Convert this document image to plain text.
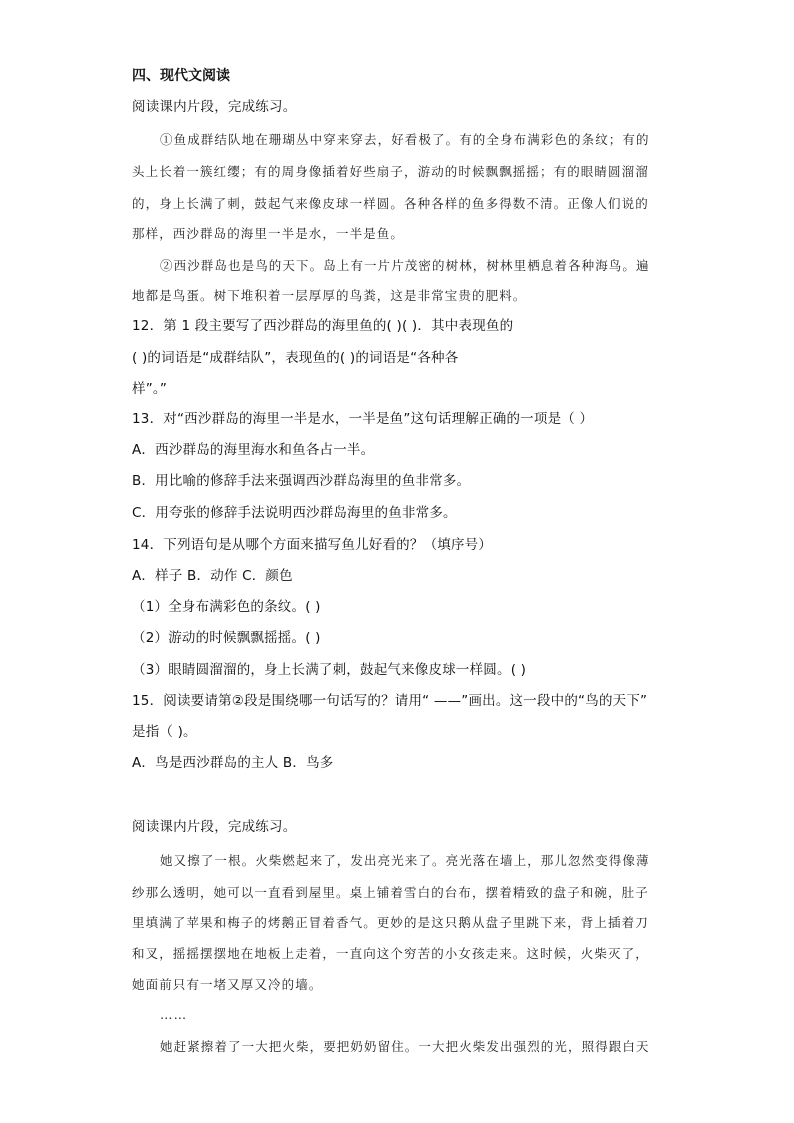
四、现代文阅读
阅读课内片段，完成练习。
①鱼成群结队地在珊瑚丛中穿来穿去，好看极了。有的全身布满彩色的条纹；有的
头上长着一簇红缨；有的周身像插着好些扇子，游动的时候飘飘摇摇；有的眼睛圆溜溜
的，身上长满了刺，鼓起气来像皮球一样圆。各种各样的鱼多得数不清。正像人们说的
那样，西沙群岛的海里一半是水，一半是鱼。
②西沙群岛也是鸟的天下。岛上有一片片茂密的树林，树林里栖息着各种海鸟。遍
地都是鸟蛋。树下堆积着一层厚厚的鸟粪，这是非常宝贵的肥料。
12．第 1 段主要写了西沙群岛的海里鱼的( )( )．其中表现鱼的
( )的词语是“成群结队”，表现鱼的( )的词语是“各种各
样”。”
13．对“西沙群岛的海里一半是水，一半是鱼”这句话理解正确的一项是（ ）
A．西沙群岛的海里海水和鱼各占一半。
B．用比喻的修辞手法来强调西沙群岛海里的鱼非常多。
C．用夸张的修辞手法说明西沙群岛海里的鱼非常多。
14．下列语句是从哪个方面来描写鱼儿好看的？（填序号）
A．样子 B．动作 C．颜色
（1）全身布满彩色的条纹。( )
（2）游动的时候飘飘摇摇。( )
（3）眼睛圆溜溜的，身上长满了刺，鼓起气来像皮球一样圆。( )
15．阅读要请第②段是围绕哪一句话写的？请用“ ——”画出。这一段中的“鸟的天下”
是指（ )。
A．鸟是西沙群岛的主人 B．鸟多
阅读课内片段，完成练习。
她又擦了一根。火柴燃起来了，发出亮光来了。亮光落在墙上，那儿忽然变得像薄
纱那么透明，她可以一直看到屋里。桌上铺着雪白的台布，摆着精致的盘子和碗，肚子
里填满了苹果和梅子的烤鹅正冒着香气。更妙的是这只鹅从盘子里跳下来，背上插着刀
和叉，摇摇摆摆地在地板上走着，一直向这个穷苦的小女孩走来。这时候，火柴灭了，
她面前只有一堵又厚又冷的墙。
……
她赶紧擦着了一大把火柴，要把奶奶留住。一大把火柴发出强烈的光，照得跟白天
